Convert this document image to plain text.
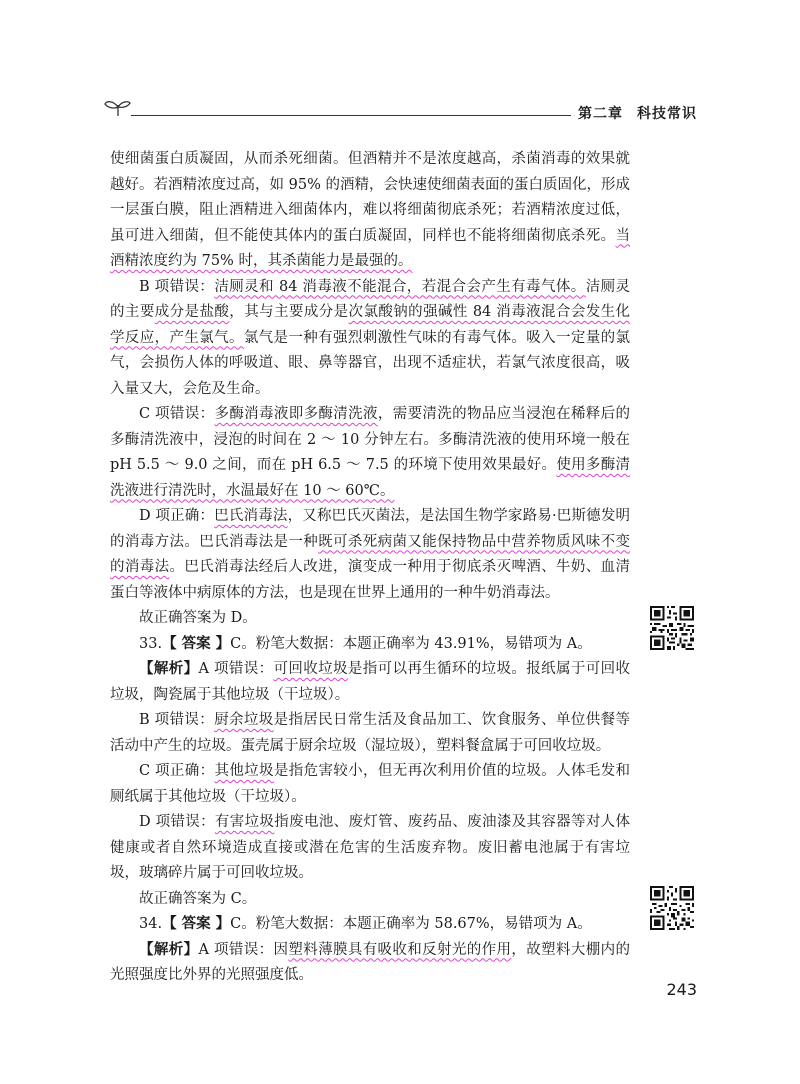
第二章 科技常识

使细菌蛋白质凝固，从而杀死细菌。但酒精并不是浓度越高，杀菌消毒的效果就越好。若酒精浓度过高，如 95% 的酒精，会快速使细菌表面的蛋白质固化，形成一层蛋白膜，阻止酒精进入细菌体内，难以将细菌彻底杀死；若酒精浓度过低，虽可进入细菌，但不能使其体内的蛋白质凝固，同样也不能将细菌彻底杀死。当酒精浓度约为 75% 时，其杀菌能力是最强的。

B 项错误：洁厕灵和 84 消毒液不能混合，若混合会产生有毒气体。洁厕灵的主要成分是盐酸，其与主要成分是次氯酸钠的强碱性 84 消毒液混合会发生化学反应，产生氯气。氯气是一种有强烈刺激性气味的有毒气体。吸入一定量的氯气，会损伤人体的呼吸道、眼、鼻等器官，出现不适症状，若氯气浓度很高，吸入量又大，会危及生命。

C 项错误：多酶消毒液即多酶清洗液，需要清洗的物品应当浸泡在稀释后的多酶清洗液中，浸泡的时间在 2 ～ 10 分钟左右。多酶清洗液的使用环境一般在 pH 5.5 ～ 9.0 之间，而在 pH 6.5 ～ 7.5 的环境下使用效果最好。使用多酶清洗液进行清洗时，水温最好在 10 ～ 60℃。

D 项正确：巴氏消毒法，又称巴氏灭菌法，是法国生物学家路易·巴斯德发明的消毒方法。巴氏消毒法是一种既可杀死病菌又能保持物品中营养物质风味不变的消毒法。巴氏消毒法经后人改进，演变成一种用于彻底杀灭啤酒、牛奶、血清蛋白等液体中病原体的方法，也是现在世界上通用的一种牛奶消毒法。

故正确答案为 D。

33.【 答案 】C。粉笔大数据：本题正确率为 43.91%，易错项为 A。

【解析】A 项错误：可回收垃圾是指可以再生循环的垃圾。报纸属于可回收垃圾，陶瓷属于其他垃圾（干垃圾）。

B 项错误：厨余垃圾是指居民日常生活及食品加工、饮食服务、单位供餐等活动中产生的垃圾。蛋壳属于厨余垃圾（湿垃圾），塑料餐盒属于可回收垃圾。

C 项正确：其他垃圾是指危害较小，但无再次利用价值的垃圾。人体毛发和厕纸属于其他垃圾（干垃圾）。

D 项错误：有害垃圾指废电池、废灯管、废药品、废油漆及其容器等对人体健康或者自然环境造成直接或潜在危害的生活废弃物。废旧蓄电池属于有害垃圾，玻璃碎片属于可回收垃圾。

故正确答案为 C。

34.【 答案 】C。粉笔大数据：本题正确率为 58.67%，易错项为 A。

【解析】A 项错误：因塑料薄膜具有吸收和反射光的作用，故塑料大棚内的光照强度比外界的光照强度低。

243
